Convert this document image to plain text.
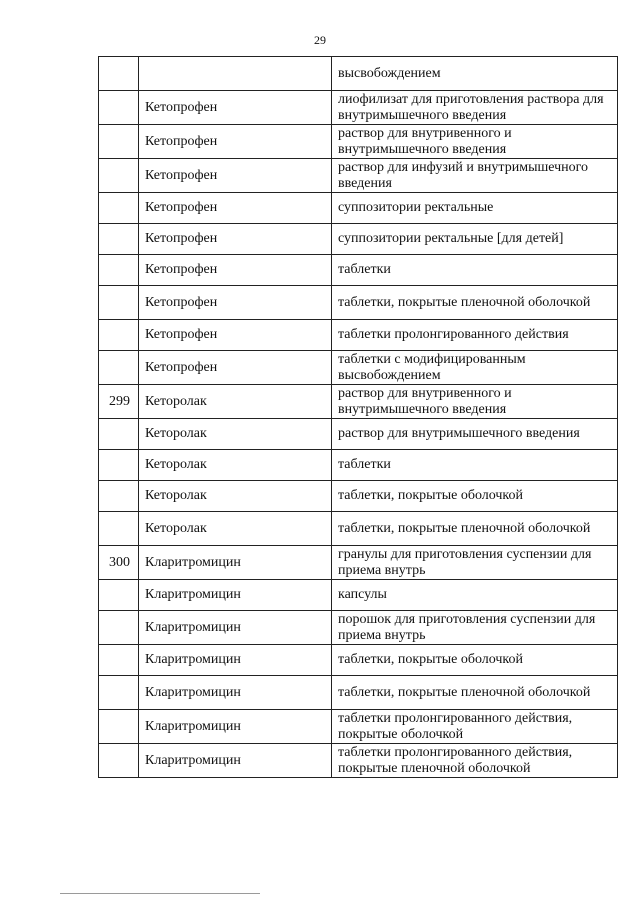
29
		высвобождением
	Кетопрофен	лиофилизат для приготовления раствора для внутримышечного введения
	Кетопрофен	раствор для внутривенного и внутримышечного введения
	Кетопрофен	раствор для инфузий и внутримышечного введения
	Кетопрофен	суппозитории ректальные
	Кетопрофен	суппозитории ректальные [для детей]
	Кетопрофен	таблетки
	Кетопрофен	таблетки, покрытые пленочной оболочкой
	Кетопрофен	таблетки пролонгированного действия
	Кетопрофен	таблетки с модифицированным высвобождением
299	Кеторолак	раствор для внутривенного и внутримышечного введения
	Кеторолак	раствор для внутримышечного введения
	Кеторолак	таблетки
	Кеторолак	таблетки, покрытые оболочкой
	Кеторолак	таблетки, покрытые пленочной оболочкой
300	Кларитромицин	гранулы для приготовления суспензии для приема внутрь
	Кларитромицин	капсулы
	Кларитромицин	порошок для приготовления суспензии для приема внутрь
	Кларитромицин	таблетки, покрытые оболочкой
	Кларитромицин	таблетки, покрытые пленочной оболочкой
	Кларитромицин	таблетки пролонгированного действия, покрытые оболочкой
	Кларитромицин	таблетки пролонгированного действия, покрытые пленочной оболочкой
